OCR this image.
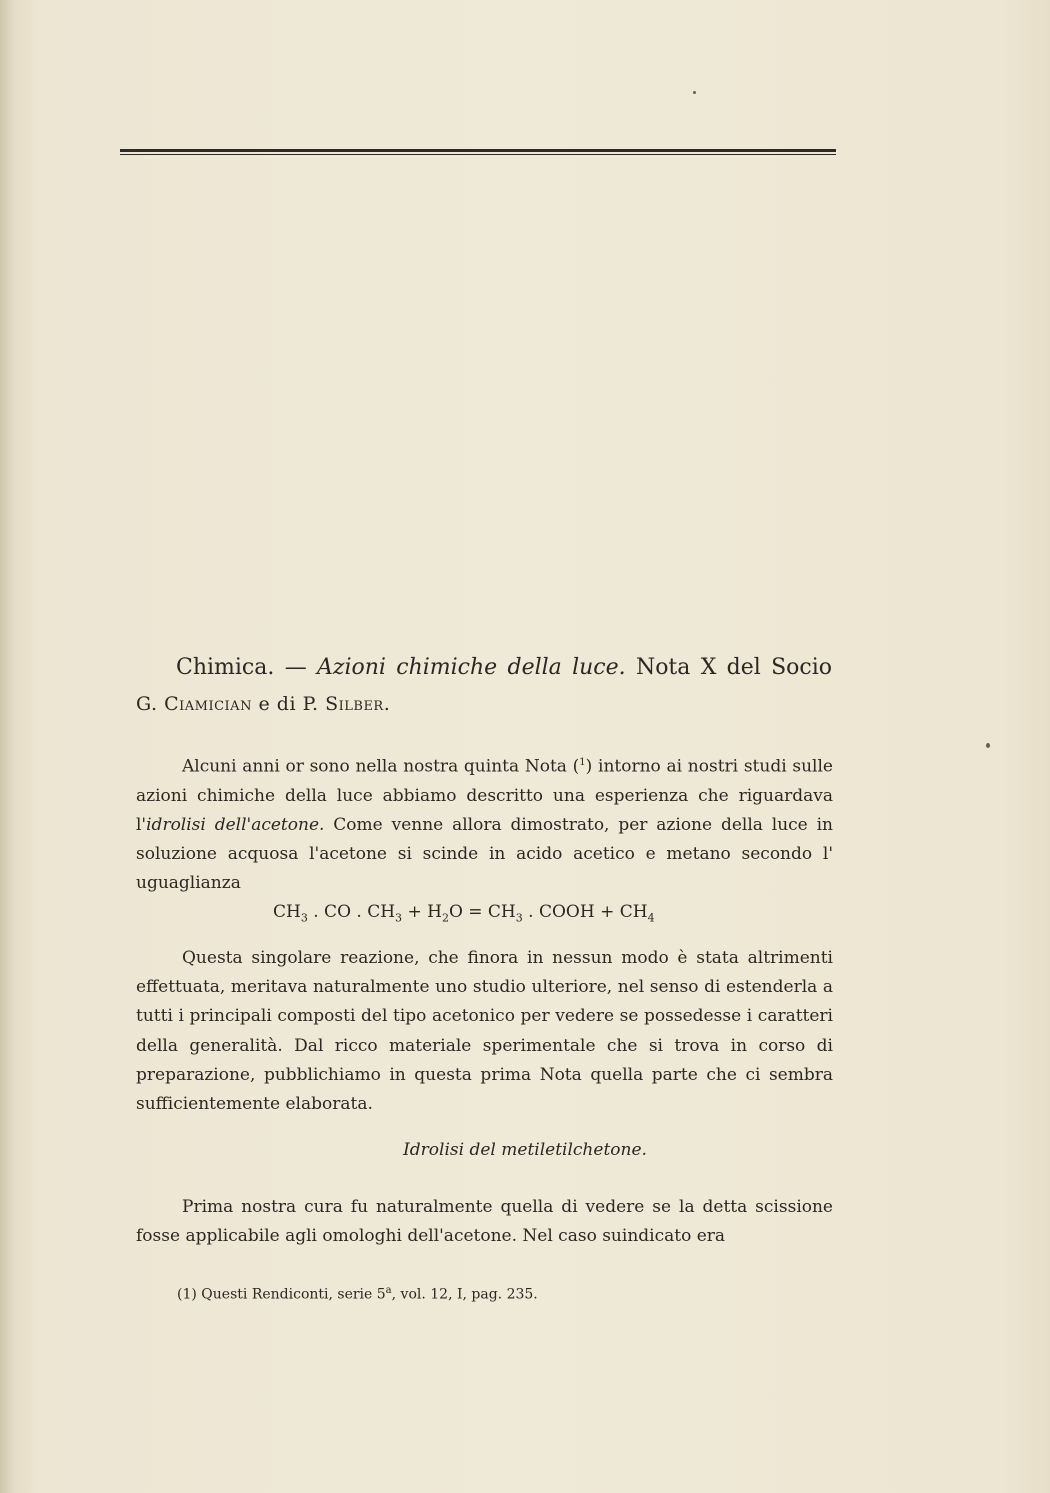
Chimica. — Azioni chimiche della luce. Nota X del Socio
G. Ciamician e di P. Silber.
Alcuni anni or sono nella nostra quinta Nota ($^1$) intorno ai nostri studi sulle azioni chimiche della luce abbiamo descritto una esperienza che riguardava l'idrolisi dell'acetone. Come venne allora dimostrato, per azione della luce in soluzione acquosa l'acetone si scinde in acido acetico e metano secondo l' uguaglianza
$CH_3$ . CO . $CH_3 + H_2O = CH_3$ . COOH + $CH_4$
Questa singolare reazione, che finora in nessun modo è stata altrimenti effettuata, meritava naturalmente uno studio ulteriore, nel senso di estenderla a tutti i principali composti del tipo acetonico per vedere se possedesse i caratteri della generalità. Dal ricco materiale sperimentale che si trova in corso di preparazione, pubblichiamo in questa prima Nota quella parte che ci sembra sufficientemente elaborata.
Idrolisi del metiletilchetone.
Prima nostra cura fu naturalmente quella di vedere se la detta scissione fosse applicabile agli omologhi dell'acetone. Nel caso suindicato era
(1) Questi Rendiconti, serie 5$^a$, vol. 12, I, pag. 235.
